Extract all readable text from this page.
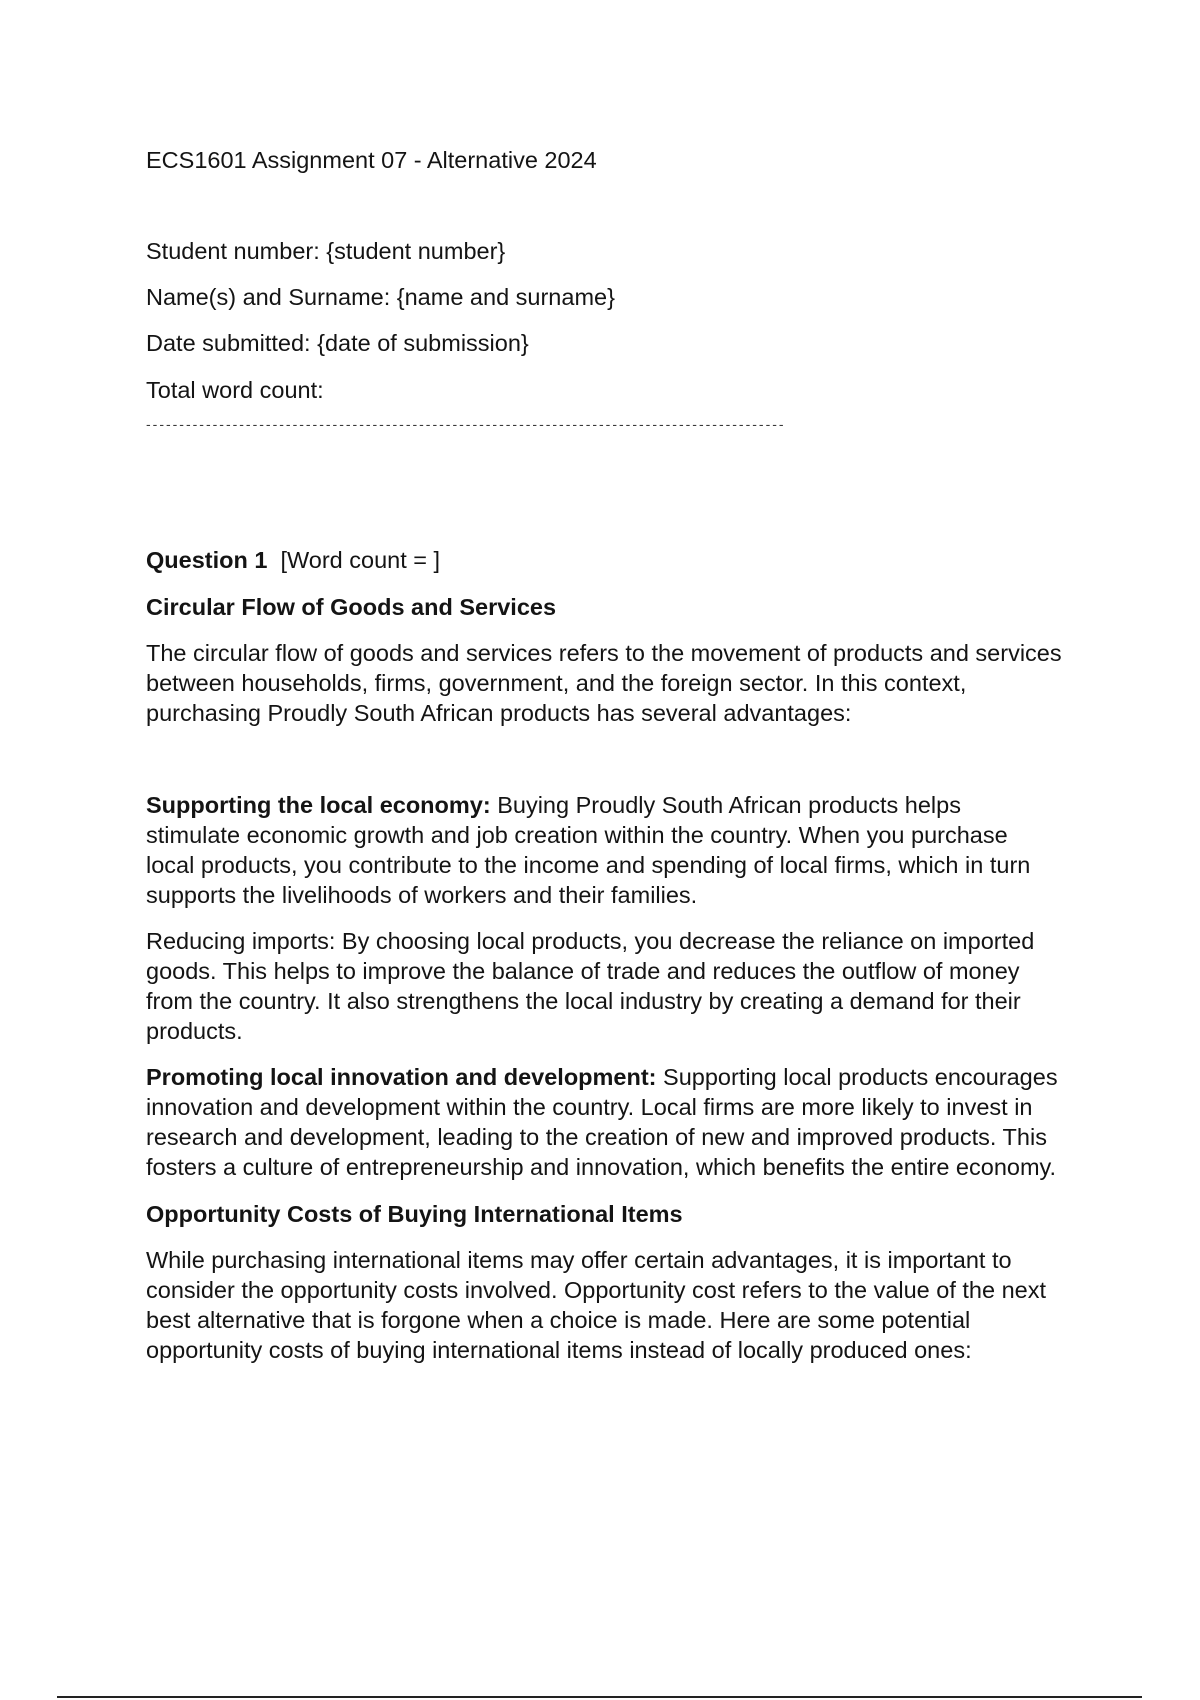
ECS1601 Assignment 07 - Alternative 2024

Student number: {student number}

Name(s) and Surname: {name and surname}

Date submitted: {date of submission}

Total word count:

------------------------------------------------------------------------------------------------

Question 1 [Word count = ]

Circular Flow of Goods and Services

The circular flow of goods and services refers to the movement of products and services
between households, firms, government, and the foreign sector. In this context,
purchasing Proudly South African products has several advantages:
Supporting the local economy: Buying Proudly South African products helps
stimulate economic growth and job creation within the country. When you purchase
local products, you contribute to the income and spending of local firms, which in turn
supports the livelihoods of workers and their families.
Reducing imports: By choosing local products, you decrease the reliance on imported
goods. This helps to improve the balance of trade and reduces the outflow of money
from the country. It also strengthens the local industry by creating a demand for their
products.
Promoting local innovation and development: Supporting local products encourages
innovation and development within the country. Local firms are more likely to invest in
research and development, leading to the creation of new and improved products. This
fosters a culture of entrepreneurship and innovation, which benefits the entire economy.

Opportunity Costs of Buying International Items

While purchasing international items may offer certain advantages, it is important to
consider the opportunity costs involved. Opportunity cost refers to the value of the next
best alternative that is forgone when a choice is made. Here are some potential
opportunity costs of buying international items instead of locally produced ones:
